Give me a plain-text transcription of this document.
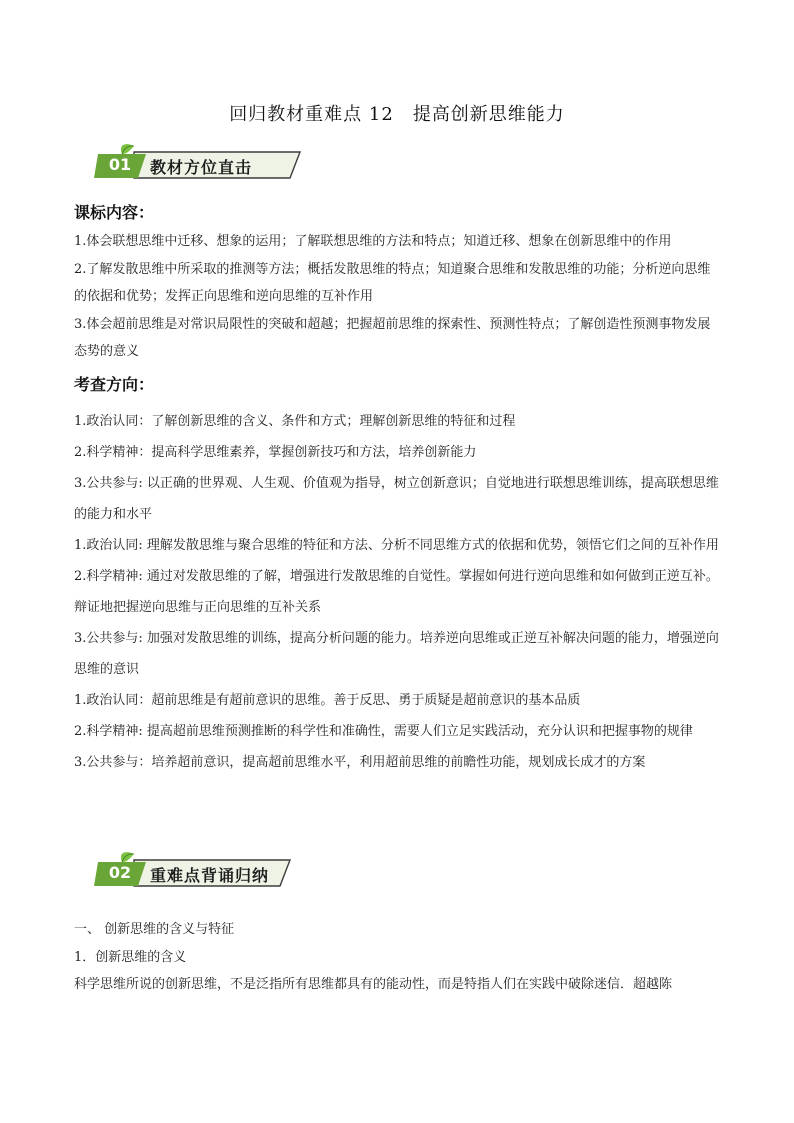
回归教材重难点 12　提高创新思维能力
01	教材方位直击
课标内容：

1.体会联想思维中迁移、想象的运用；了解联想思维的方法和特点；知道迁移、想象在创新思维中的作用

2.了解发散思维中所采取的推测等方法；概括发散思维的特点；知道聚合思维和发散思维的功能；分析逆向思维的依据和优势；发挥正向思维和逆向思维的互补作用

3.体会超前思维是对常识局限性的突破和超越；把握超前思维的探索性、预测性特点；了解创造性预测事物发展态势的意义

考查方向：

1.政治认同：了解创新思维的含义、条件和方式；理解创新思维的特征和过程

2.科学精神：提高科学思维素养，掌握创新技巧和方法，培养创新能力

3.公共参与: 以正确的世界观、人生观、价值观为指导，树立创新意识；自觉地进行联想思维训练，提高联想思维的能力和水平

1.政治认同: 理解发散思维与聚合思维的特征和方法、分析不同思维方式的依据和优势，领悟它们之间的互补作用

2.科学精神: 通过对发散思维的了解，增强进行发散思维的自觉性。掌握如何进行逆向思维和如何做到正逆互补。辩证地把握逆向思维与正向思维的互补关系

3.公共参与: 加强对发散思维的训练，提高分析问题的能力。培养逆向思维或正逆互补解决问题的能力，增强逆向思维的意识

1.政治认同：超前思维是有超前意识的思维。善于反思、勇于质疑是超前意识的基本品质

2.科学精神: 提高超前思维预测推断的科学性和准确性，需要人们立足实践活动，充分认识和把握事物的规律

3.公共参与：培养超前意识，提高超前思维水平，利用超前思维的前瞻性功能，规划成长成才的方案

02	重难点背诵归纳

一、 创新思维的含义与特征

1．创新思维的含义

科学思维所说的创新思维，不是泛指所有思维都具有的能动性，而是特指人们在实践中破除迷信．超越陈
